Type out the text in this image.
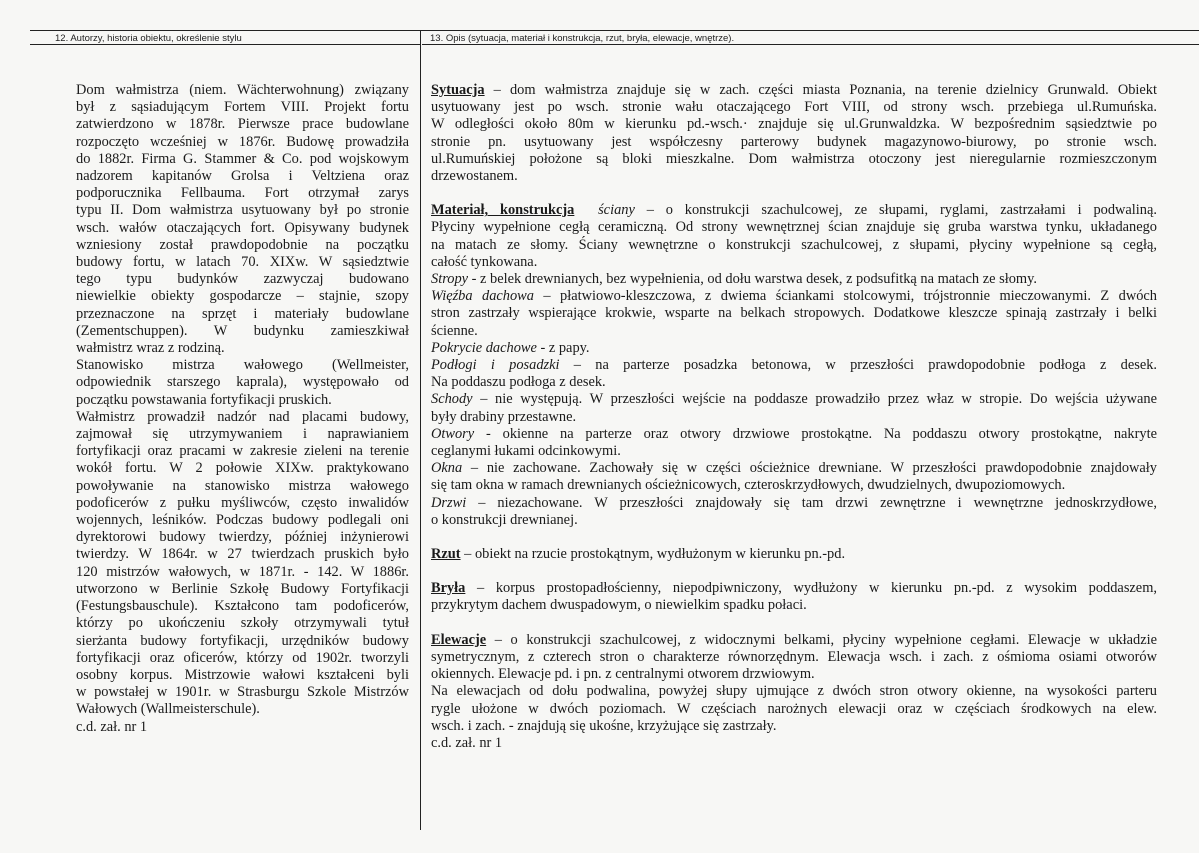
12. Autorzy, historia obiektu, określenie stylu	13. Opis (sytuacja, materiał i konstrukcja, rzut, bryła, elewacje, wnętrze).
Dom wałmistrza (niem. Wächterwohnung) związany
był z sąsiadującym Fortem VIII. Projekt fortu
zatwierdzono w 1878r. Pierwsze prace budowlane
rozpoczęto wcześniej w 1876r. Budowę prowadziła
do 1882r. Firma G. Stammer & Co. pod wojskowym
nadzorem kapitanów Grolsa i Veltziena oraz
podporucznika Fellbauma. Fort otrzymał zarys
typu II. Dom wałmistrza usytuowany był po stronie
wsch. wałów otaczających fort. Opisywany budynek
wzniesiony został prawdopodobnie na początku
budowy fortu, w latach 70. XIXw. W sąsiedztwie
tego typu budynków zazwyczaj budowano
niewielkie obiekty gospodarcze – stajnie, szopy
przeznaczone na sprzęt i materiały budowlane
(Zementschuppen). W budynku zamieszkiwał
wałmistrz wraz z rodziną.
Stanowisko mistrza wałowego (Wellmeister,
odpowiednik starszego kaprala), występowało od
początku powstawania fortyfikacji pruskich.
Wałmistrz prowadził nadzór nad placami budowy,
zajmował się utrzymywaniem i naprawianiem
fortyfikacji oraz pracami w zakresie zieleni na terenie
wokół fortu. W 2 połowie XIXw. praktykowano
powoływanie na stanowisko mistrza wałowego
podoficerów z pułku myśliwców, często inwalidów
wojennych, leśników. Podczas budowy podlegali oni
dyrektorowi budowy twierdzy, później inżynierowi
twierdzy. W 1864r. w 27 twierdzach pruskich było
120 mistrzów wałowych, w 1871r. - 142. W 1886r.
utworzono w Berlinie Szkołę Budowy Fortyfikacji
(Festungsbauschule). Kształcono tam podoficerów,
którzy po ukończeniu szkoły otrzymywali tytuł
sierżanta budowy fortyfikacji, urzędników budowy
fortyfikacji oraz oficerów, którzy od 1902r. tworzyli
osobny korpus. Mistrzowie wałowi kształceni byli
w powstałej w 1901r. w Strasburgu Szkole Mistrzów
Wałowych (Wallmeisterschule).
c.d. zał. nr 1
Sytuacja – dom wałmistrza znajduje się w zach. części miasta Poznania, na terenie dzielnicy Grunwald. Obiekt
usytuowany jest po wsch. stronie wału otaczającego Fort VIII, od strony wsch. przebiega ul.Rumuńska.
W odległości około 80m w kierunku pd.-wsch.· znajduje się ul.Grunwaldzka. W bezpośrednim sąsiedztwie po
stronie pn. usytuowany jest współczesny parterowy budynek magazynowo-biurowy, po stronie wsch.
ul.Rumuńskiej położone są bloki mieszkalne. Dom wałmistrza otoczony jest nieregularnie rozmieszczonym
drzewostanem.
Materiał, konstrukcja ściany – o konstrukcji szachulcowej, ze słupami, ryglami, zastrzałami i podwaliną.
Płyciny wypełnione cegłą ceramiczną. Od strony wewnętrznej ścian znajduje się gruba warstwa tynku, układanego
na matach ze słomy. Ściany wewnętrzne o konstrukcji szachulcowej, z słupami, płyciny wypełnione są cegłą,
całość tynkowana.
Stropy - z belek drewnianych, bez wypełnienia, od dołu warstwa desek, z podsufitką na matach ze słomy.
Więźba dachowa – płatwiowo-kleszczowa, z dwiema ściankami stolcowymi, trójstronnie mieczowanymi. Z dwóch
stron zastrzały wspierające krokwie, wsparte na belkach stropowych. Dodatkowe kleszcze spinają zastrzały i belki
ścienne.
Pokrycie dachowe - z papy.
Podłogi i posadzki – na parterze posadzka betonowa, w przeszłości prawdopodobnie podłoga z desek.
Na poddaszu podłoga z desek.
Schody – nie występują. W przeszłości wejście na poddasze prowadziło przez właz w stropie. Do wejścia używane
były drabiny przestawne.
Otwory - okienne na parterze oraz otwory drzwiowe prostokątne. Na poddaszu otwory prostokątne, nakryte
ceglanymi łukami odcinkowymi.
Okna – nie zachowane. Zachowały się w części ościeżnice drewniane. W przeszłości prawdopodobnie znajdowały
się tam okna w ramach drewnianych ościeżnicowych, czteroskrzydłowych, dwudzielnych, dwupoziomowych.
Drzwi – niezachowane. W przeszłości znajdowały się tam drzwi zewnętrzne i wewnętrzne jednoskrzydłowe,
o konstrukcji drewnianej.
Rzut – obiekt na rzucie prostokątnym, wydłużonym w kierunku pn.-pd.
Bryła – korpus prostopadłościenny, niepodpiwniczony, wydłużony w kierunku pn.-pd. z wysokim poddaszem,
przykrytym dachem dwuspadowym, o niewielkim spadku połaci.
Elewacje – o konstrukcji szachulcowej, z widocznymi belkami, płyciny wypełnione cegłami. Elewacje w układzie
symetrycznym, z czterech stron o charakterze równorzędnym. Elewacja wsch. i zach. z ośmioma osiami otworów
okiennych. Elewacje pd. i pn. z centralnymi otworem drzwiowym.
Na elewacjach od dołu podwalina, powyżej słupy ujmujące z dwóch stron otwory okienne, na wysokości parteru
rygle ułożone w dwóch poziomach. W częściach narożnych elewacji oraz w częściach środkowych na elew.
wsch. i zach. - znajdują się ukośne, krzyżujące się zastrzały.
c.d. zał. nr 1
